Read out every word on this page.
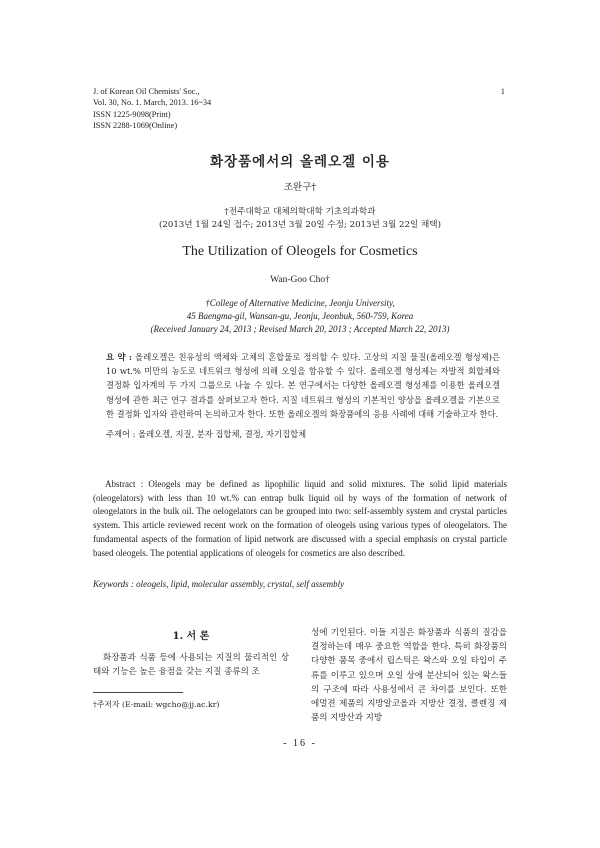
J. of Korean Oil Chemists' Soc.,
Vol. 30, No. 1. March, 2013. 16~34
ISSN 1225-9098(Print)
ISSN 2288-1069(Online)
1
화장품에서의 올레오겔 이용
조완구†
†전주대학교 대체의학대학 기초의과학과
(2013년 1월 24일 접수; 2013년 3월 20일 수정; 2013년 3월 22일 채택)
The Utilization of Oleogels for Cosmetics
Wan-Goo Cho†
†College of Alternative Medicine, Jeonju University,
45 Baengma-gil, Wansan-gu, Jeonju, Jeonbuk, 560-759, Korea
(Received January 24, 2013 ; Revised March 20, 2013 ; Accepted March 22, 2013)
요 약 : 올레오겔은 친유성의 액체와 고체의 혼합물로 정의할 수 있다. 고상의 지질 물질(올레오겔 형성제)은 10 wt.% 미만의 농도로 네트워크 형성에 의해 오일을 함유할 수 있다. 올레오겔 형성제는 자발적 회합체와 결정화 입자계의 두 가지 그룹으로 나눌 수 있다. 본 연구에서는 다양한 올레오겔 형성제를 이용한 올레오겔 형성에 관한 최근 연구 결과를 살펴보고자 한다. 지질 네트워크 형성의 기본적인 양상을 올레오겔을 기본으로 한 결정화 입자와 관련하여 논의하고자 한다. 또한 올레오겔의 화장품에의 응용 사례에 대해 기술하고자 한다.
주제어 : 올레오겔, 지질, 분자 집합체, 결정, 자기집합체
Abstract : Oleogels may be defined as lipophilic liquid and solid mixtures. The solid lipid materials (oleogelators) with less than 10 wt.% can entrap bulk liquid oil by ways of the formation of network of oleogelators in the bulk oil. The oelogelators can be grouped into two: self-assembly system and crystal particles system. This article reviewed recent work on the formation of oleogels using various types of oleogelators. The fundamental aspects of the formation of lipid network are discussed with a special emphasis on crystal particle based oleogels. The potential applications of oleogels for cosmetics are also described.
Keywords : oleogels, lipid, molecular assembly, crystal, self assembly
1. 서 론
화장품과 식품 등에 사용되는 지질의 물리적인 상태와 기능은 높은 융점을 갖는 지질 종류의 조
성에 기인된다. 이들 지질은 화장품과 식품의 질감을 결정하는데 매우 중요한 역할을 한다. 특히 화장품의 다양한 품목 중에서 립스틱은 왁스와 오일 타입이 주류를 이루고 있으며 오일 상에 분산되어 있는 왁스들의 구조에 따라 사용성에서 큰 차이를 보인다. 또한 에멀젼 제품의 지방알코올과 지방산 결정, 클렌징 제품의 지방산과 지방
†주저자 (E-mail: wgcho@jj.ac.kr)
- 16 -
